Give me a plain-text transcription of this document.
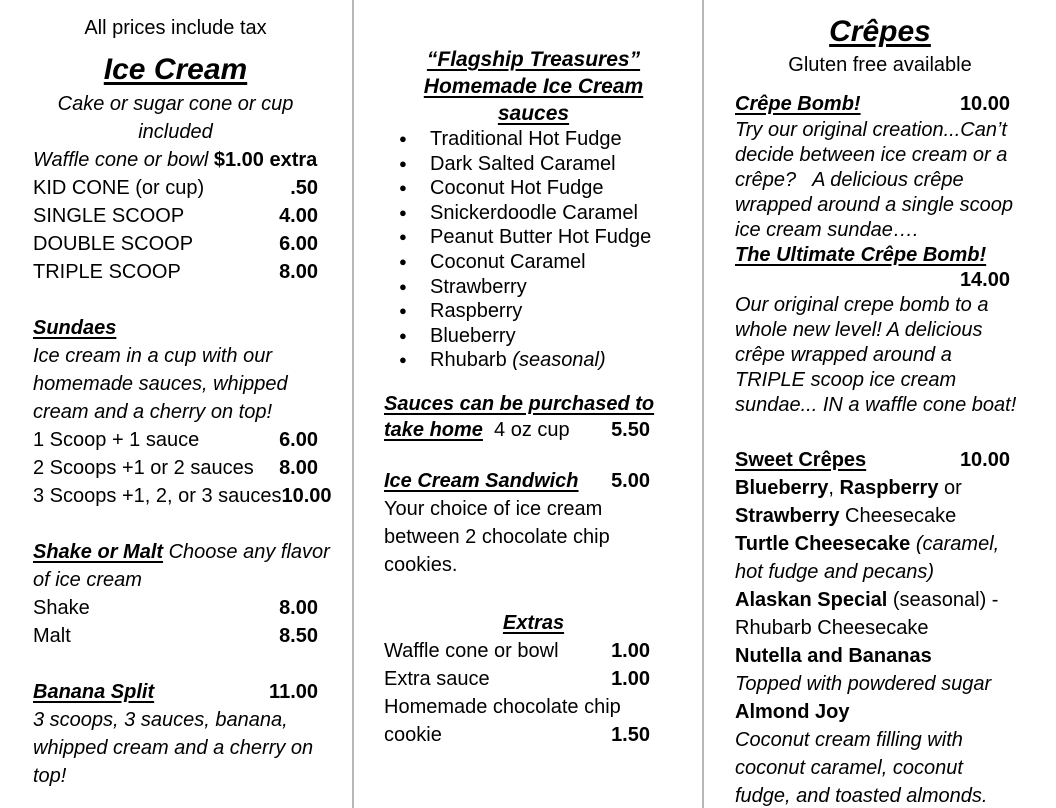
All prices include tax
Ice Cream
Cake or sugar cone or cup
included
Waffle cone or bowl $1.00 extra
KID CONE (or cup)	.50
SINGLE SCOOP	4.00
DOUBLE SCOOP	6.00
TRIPLE SCOOP	8.00
Sundaes
Ice cream in a cup with our
homemade sauces, whipped
cream and a cherry on top!
1 Scoop + 1 sauce	6.00
2 Scoops +1 or 2 sauces 8.00
3 Scoops +1, 2, or 3 sauces 10.00
Shake or Malt Choose any flavor
of ice cream
Shake	8.00
Malt	8.50
Banana Split	11.00
3 scoops, 3 sauces, banana,
whipped cream and a cherry on
top!
“Flagship Treasures”
Homemade Ice Cream
sauces
●	Traditional Hot Fudge
●	Dark Salted Caramel
●	Coconut Hot Fudge
●	Snickerdoodle Caramel
●	Peanut Butter Hot Fudge
●	Coconut Caramel
●	Strawberry
●	Raspberry
●	Blueberry
●	Rhubarb
(seasonal)
Sauces can be purchased to
take home  4 oz cup 5.50
Ice Cream Sandwich 5.00
Your choice of ice cream
between 2 chocolate chip
cookies.
Extras
Waffle cone or bowl	1.00
Extra sauce	1.00
Homemade chocolate chip
cookie	1.50
Crêpes
Gluten free available
Crêpe Bomb!	10.00
Try our original creation...Can’t
decide between ice cream or a
crêpe?   A delicious crêpe
wrapped around a single scoop
ice cream sundae….
The Ultimate Crêpe Bomb!
14.00
Our original crepe bomb to a
whole new level! A delicious
crêpe wrapped around a
TRIPLE scoop ice cream
sundae... IN a waffle cone boat!
Sweet Crêpes	10.00
Blueberry, Raspberry or
Strawberry Cheesecake
Turtle Cheesecake (caramel,
hot fudge and pecans)
Alaskan Special (seasonal) -
Rhubarb Cheesecake
Nutella and Bananas
Topped with powdered sugar
Almond Joy
Coconut cream filling with
coconut caramel, coconut
fudge, and toasted almonds.
